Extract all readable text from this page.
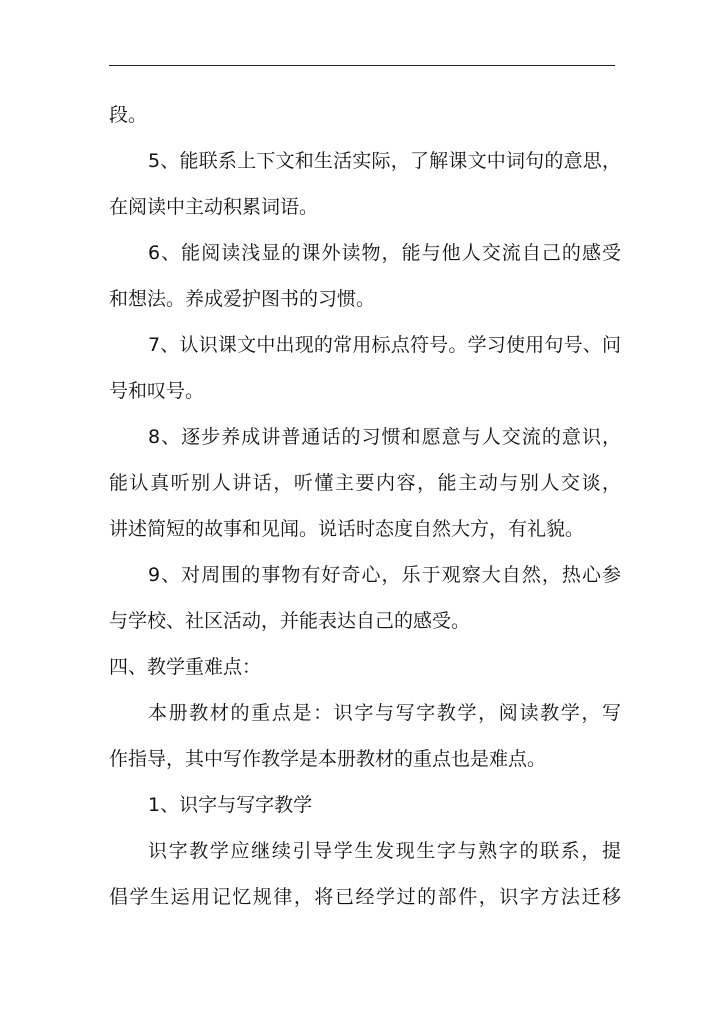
段。
5、能联系上下文和生活实际，了解课文中词句的意思，
在阅读中主动积累词语。
6、能阅读浅显的课外读物，能与他人交流自己的感受
和想法。养成爱护图书的习惯。
7、认识课文中出现的常用标点符号。学习使用句号、问
号和叹号。
8、逐步养成讲普通话的习惯和愿意与人交流的意识，
能认真听别人讲话，听懂主要内容，能主动与别人交谈，
讲述简短的故事和见闻。说话时态度自然大方，有礼貌。
9、对周围的事物有好奇心，乐于观察大自然，热心参
与学校、社区活动，并能表达自己的感受。
四、教学重难点：
本册教材的重点是：识字与写字教学，阅读教学，写
作指导，其中写作教学是本册教材的重点也是难点。
1、识字与写字教学
识字教学应继续引导学生发现生字与熟字的联系，提
倡学生运用记忆规律，将已经学过的部件，识字方法迁移
